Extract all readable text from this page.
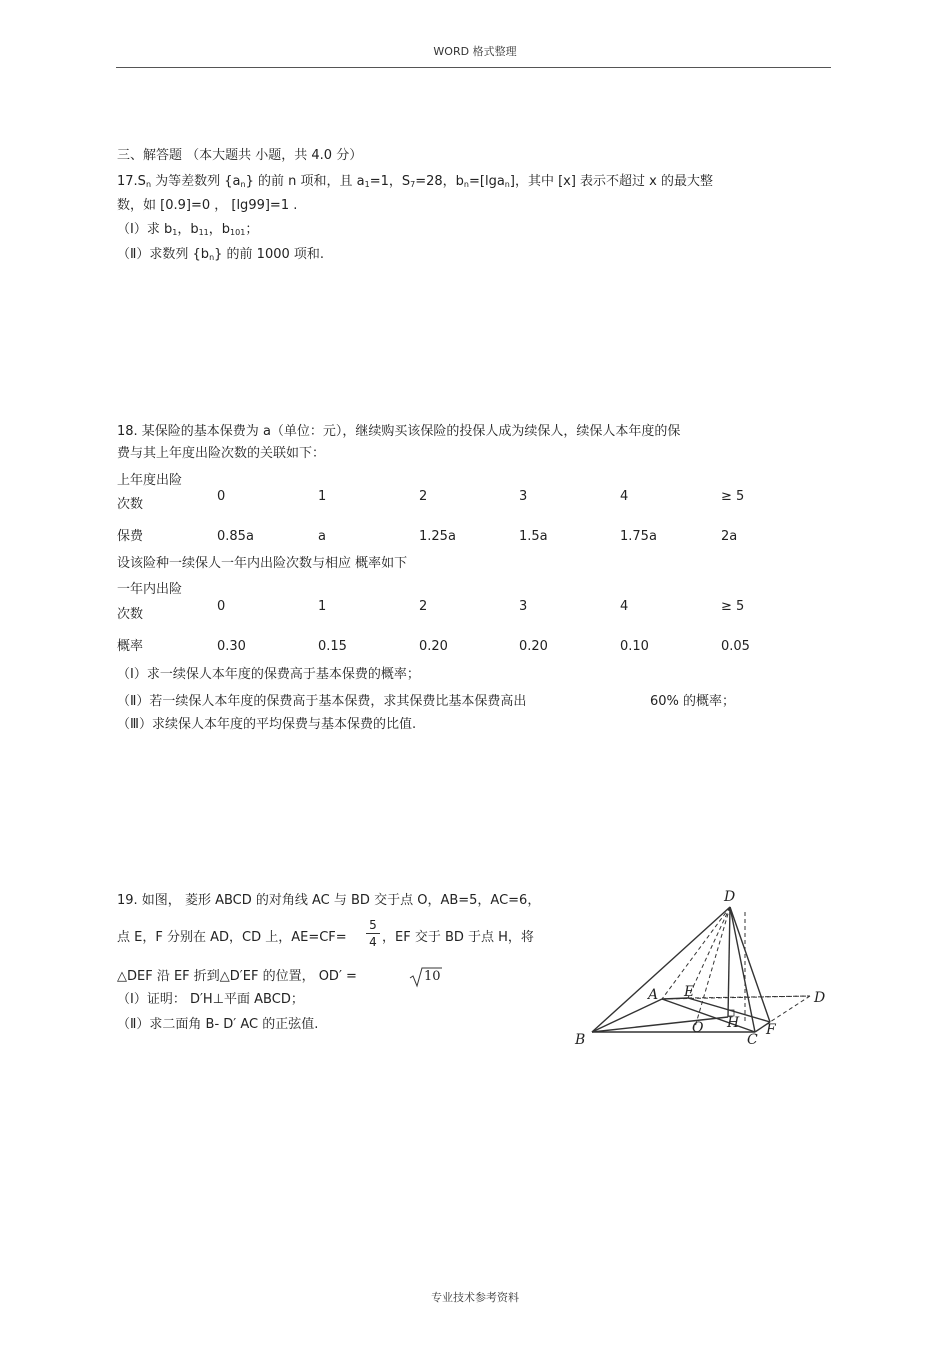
WORD 格式整理
三、解答题 （本大题共 小题，共 4.0 分）
$17.S_n$ 为等差数列 $\{a_n\}$ 的前 n 项和，且 $a_1=1$，$S_7=28$，$b_n=[\lg a_n]$，其中 [x] 表示不超过 x 的最大整
数，如 [0.9]=0 ， [lg99]=1 .
（Ⅰ）求 $b_1$，$b_{11}$，$b_{101}$；
（Ⅱ）求数列 $\{b_n\}$ 的前 1000 项和.
18. 某保险的基本保费为 a（单位：元），继续购买该保险的投保人成为续保人，续保人本年度的保
费与其上年度出险次数的关联如下：
上年度出险
次数
0	1	2	3	4	≥ 5
保费	0.85a	a	1.25a	1.5a	1.75a	2a
设该险种一续保人一年内出险次数与相应 概率如下
一年内出险
次数
0	1	2	3	4	≥ 5
概率	0.30	0.15	0.20	0.20	0.10	0.05
（Ⅰ）求一续保人本年度的保费高于基本保费的概率；
（Ⅱ）若一续保人本年度的保费高于基本保费，求其保费比基本保费高出	60% 的概率；
（Ⅲ）求续保人本年度的平均保费与基本保费的比值.
19. 如图， 菱形 ABCD 的对角线 AC 与 BD 交于点 O，AB=5，AC=6，
点 E，F 分别在 AD，CD 上，AE=CF=
5
4 ，EF 交于 BD 于点 H，将
△DEF 沿 EF 折到△D′EF 的位置， OD′ =	10
（Ⅰ）证明： D′H⊥平面 ABCD；
（Ⅱ）求二面角 B- D′ AC 的正弦值.
D
A E	D
B
O H
C
F
专业技术参考资料
